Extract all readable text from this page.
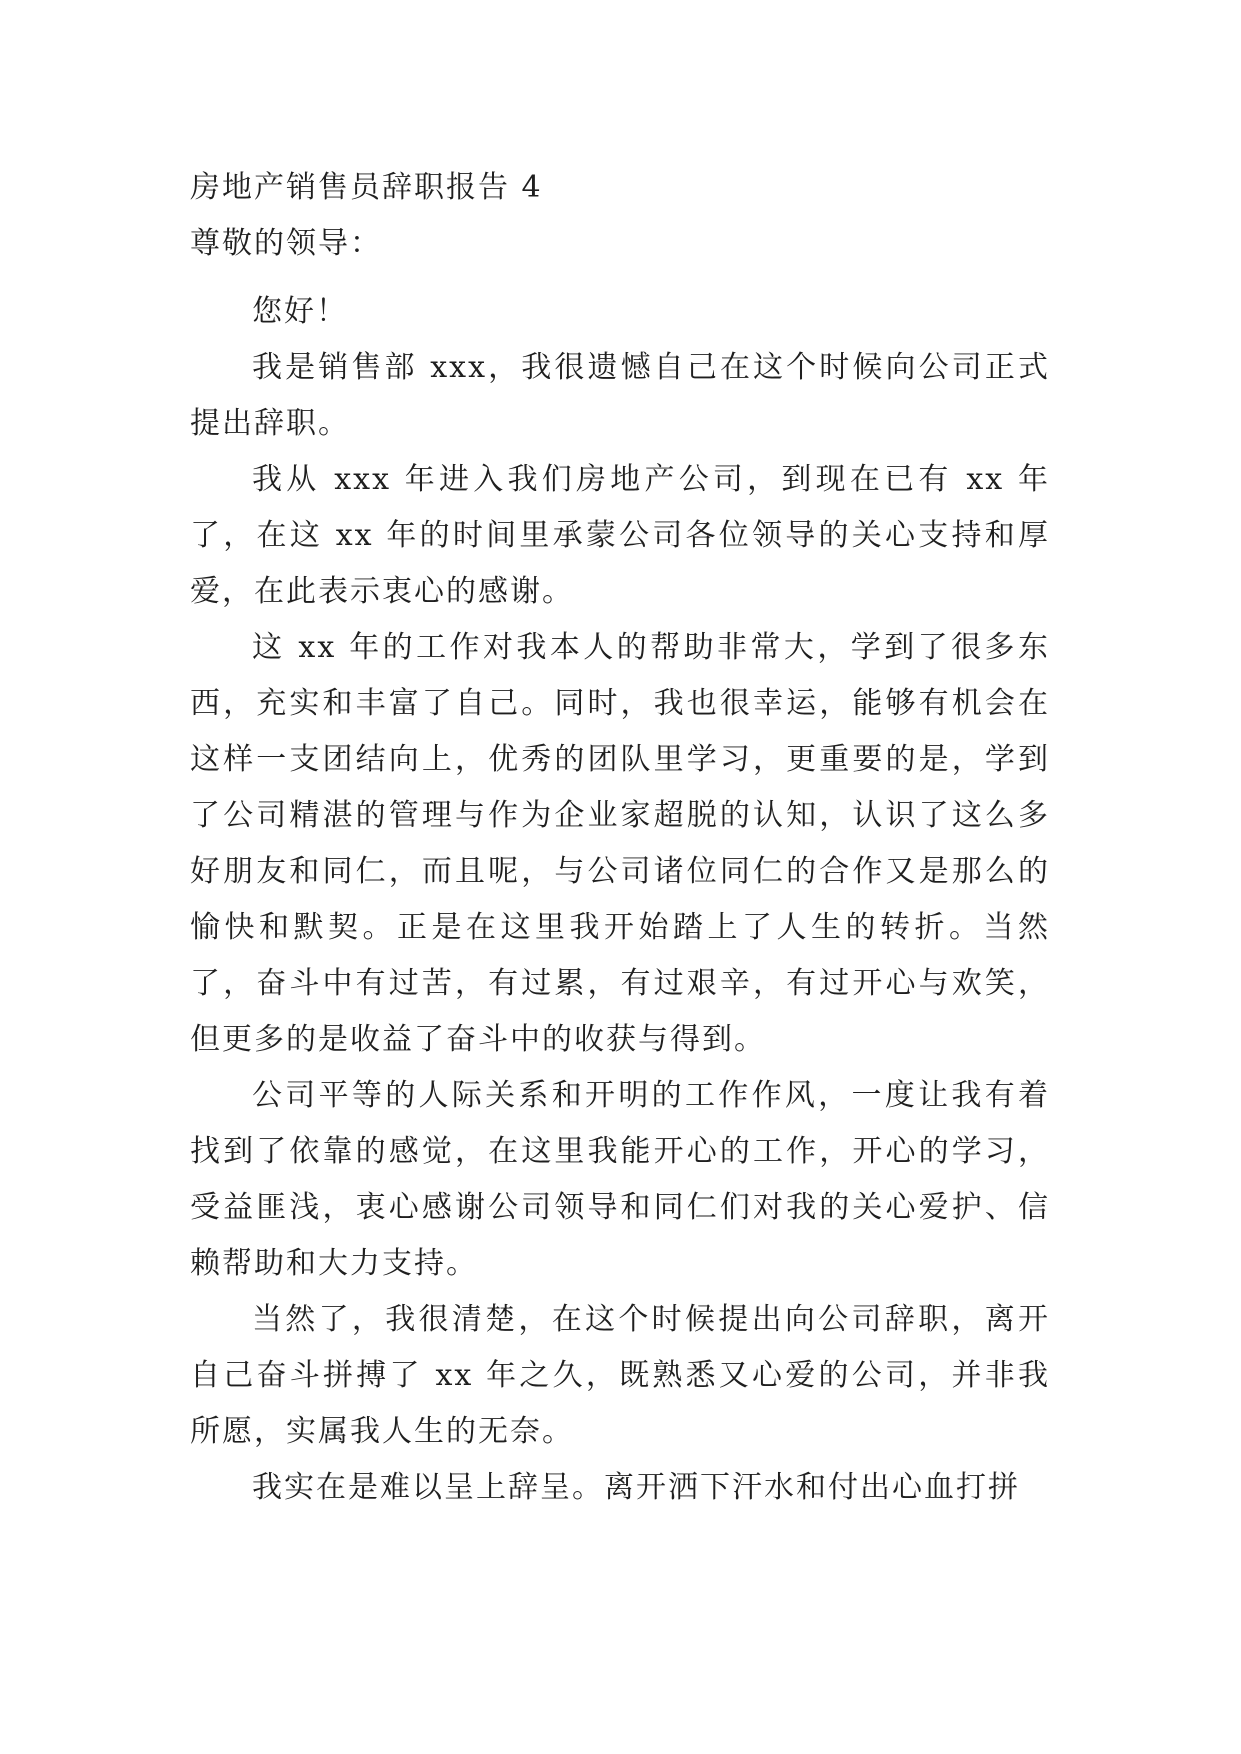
房地产销售员辞职报告 4

尊敬的领导：

您好！

我是销售部 xxx，我很遗憾自己在这个时候向公司正式提出辞职。

我从 xxx 年进入我们房地产公司，到现在已有 xx 年了，在这 xx 年的时间里承蒙公司各位领导的关心支持和厚爱，在此表示衷心的感谢。

这 xx 年的工作对我本人的帮助非常大，学到了很多东西，充实和丰富了自己。同时，我也很幸运，能够有机会在这样一支团结向上，优秀的团队里学习，更重要的是，学到了公司精湛的管理与作为企业家超脱的认知，认识了这么多好朋友和同仁，而且呢，与公司诸位同仁的合作又是那么的愉快和默契。正是在这里我开始踏上了人生的转折。当然了，奋斗中有过苦，有过累，有过艰辛，有过开心与欢笑，但更多的是收益了奋斗中的收获与得到。

公司平等的人际关系和开明的工作作风，一度让我有着找到了依靠的感觉，在这里我能开心的工作，开心的学习，受益匪浅，衷心感谢公司领导和同仁们对我的关心爱护、信赖帮助和大力支持。

当然了，我很清楚，在这个时候提出向公司辞职，离开自己奋斗拼搏了 xx 年之久，既熟悉又心爱的公司，并非我所愿，实属我人生的无奈。

我实在是难以呈上辞呈。离开洒下汗水和付出心血打拼
